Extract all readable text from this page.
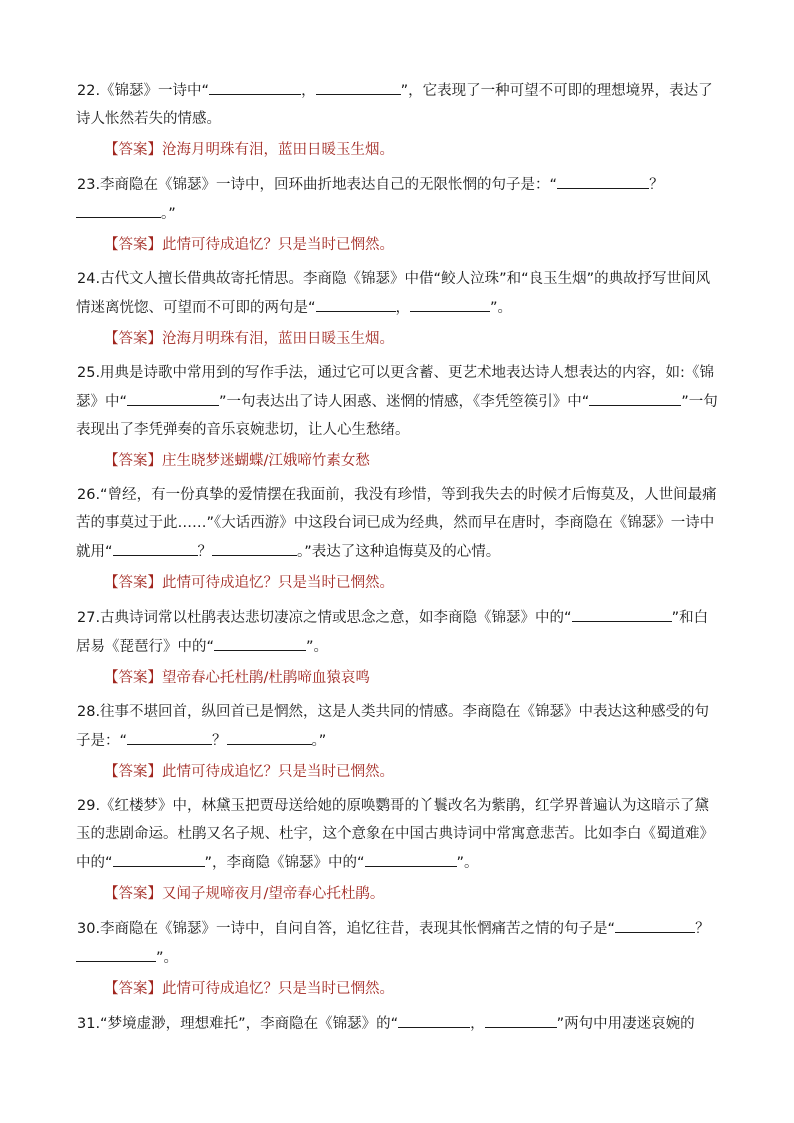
22.《锦瑟》一诗中“	，	”，它表现了一种可望不可即的理想境界，表达了诗人怅然若失的情感。

【答案】沧海月明珠有泪，蓝田日暖玉生烟。

23.李商隐在《锦瑟》一诗中，回环曲折地表达自己的无限怅惘的句子是：“	？。”

【答案】此情可待成追忆？只是当时已惘然。

24.古代文人擅长借典故寄托情思。李商隐《锦瑟》中借“鲛人泣珠”和“良玉生烟”的典故抒写世间风情迷离恍惚、可望而不可即的两句是“	，	”。

【答案】沧海月明珠有泪，蓝田日暖玉生烟。

25.用典是诗歌中常用到的写作手法，通过它可以更含蓄、更艺术地表达诗人想表达的内容，如:《锦瑟》中“	”一句表达出了诗人困惑、迷惘的情感，《李凭箜篌引》中“	”一句表现出了李凭弹奏的音乐哀婉悲切，让人心生愁绪。

【答案】庄生晓梦迷蝴蝶/江娥啼竹素女愁

26.“曾经，有一份真挚的爱情摆在我面前，我没有珍惜，等到我失去的时候才后悔莫及，人世间最痛苦的事莫过于此……”《大话西游》中这段台词已成为经典，然而早在唐时，李商隐在《锦瑟》一诗中就用“	？	。”表达了这种追悔莫及的心情。

【答案】此情可待成追忆？只是当时已惘然。

27.古典诗词常以杜鹃表达悲切凄凉之情或思念之意，如李商隐《锦瑟》中的“	”和白居易《琵琶行》中的“	”。

【答案】望帝春心托杜鹃/杜鹃啼血猿哀鸣

28.往事不堪回首，纵回首已是惘然，这是人类共同的情感。李商隐在《锦瑟》中表达这种感受的句子是：“	？	。”

【答案】此情可待成追忆？只是当时已惘然。

29.《红楼梦》中，林黛玉把贾母送给她的原唤鹦哥的丫鬟改名为紫鹃，红学界普遍认为这暗示了黛玉的悲剧命运。杜鹃又名子规、杜宇，这个意象在中国古典诗词中常寓意悲苦。比如李白《蜀道难》中的“	”，李商隐《锦瑟》中的“	”。

【答案】又闻子规啼夜月/望帝春心托杜鹃。

30.李商隐在《锦瑟》一诗中，自问自答，追忆往昔，表现其怅惘痛苦之情的句子是“	？”。

【答案】此情可待成追忆？只是当时已惘然。

31.“梦境虚渺，理想难托”，李商隐在《锦瑟》的“	，	”两句中用凄迷哀婉的
